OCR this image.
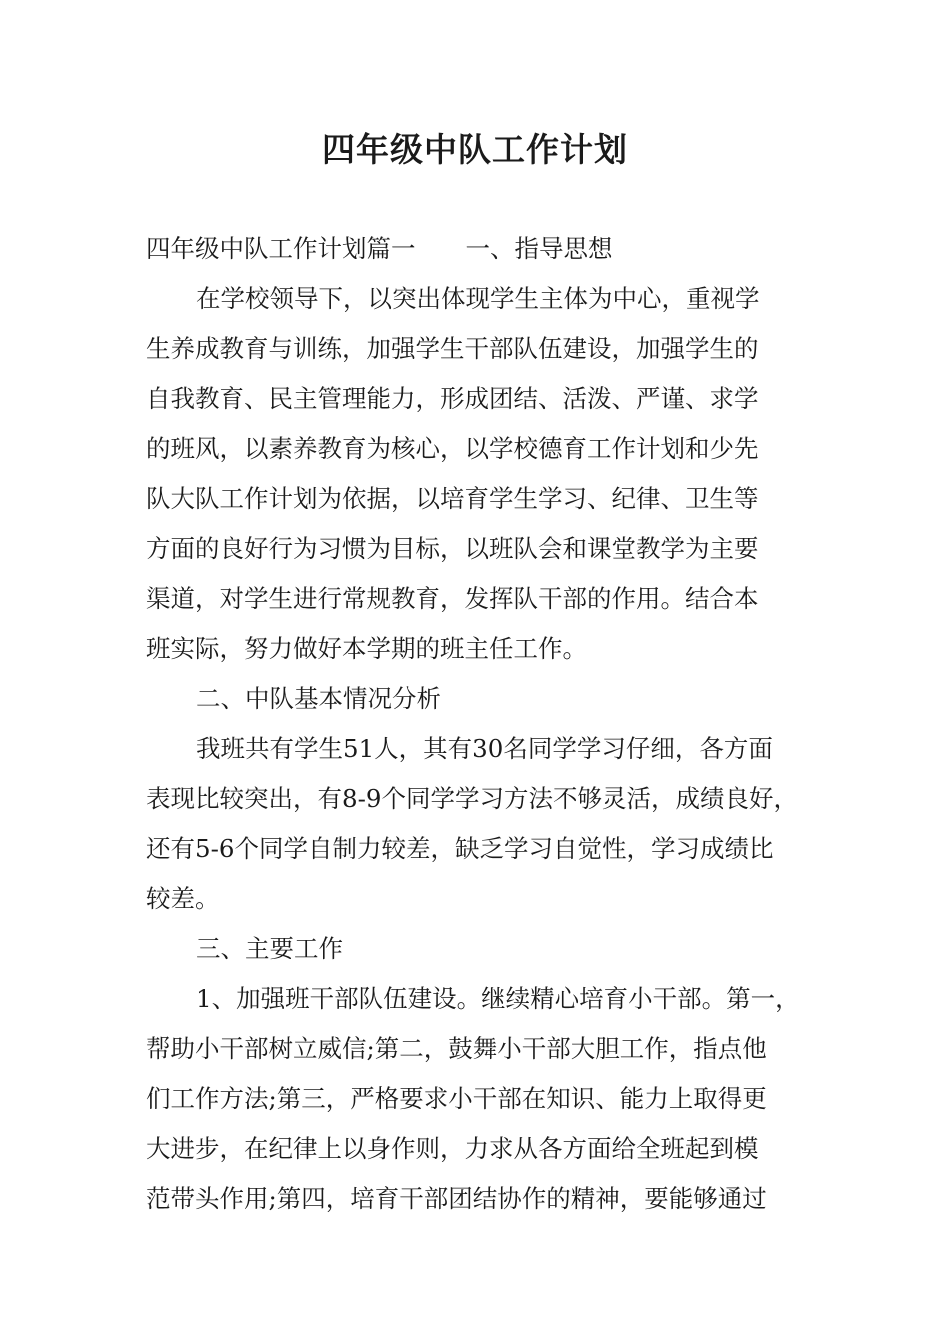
四年级中队工作计划
四年级中队工作计划篇一 一、指导思想
在学校领导下，以突出体现学生主体为中心，重视学
生养成教育与训练，加强学生干部队伍建设，加强学生的
自我教育、民主管理能力，形成团结、活泼、严谨、求学
的班风，以素养教育为核心，以学校德育工作计划和少先
队大队工作计划为依据，以培育学生学习、纪律、卫生等
方面的良好行为习惯为目标，以班队会和课堂教学为主要
渠道，对学生进行常规教育，发挥队干部的作用。结合本
班实际，努力做好本学期的班主任工作。
二、中队基本情况分析
我班共有学生51人，其有30名同学学习仔细，各方面
表现比较突出，有8-9个同学学习方法不够灵活，成绩良好，
还有5-6个同学自制力较差，缺乏学习自觉性，学习成绩比
较差。
三、主要工作
1、加强班干部队伍建设。继续精心培育小干部。第一，
帮助小干部树立威信;第二，鼓舞小干部大胆工作，指点他
们工作方法;第三，严格要求小干部在知识、能力上取得更
大进步，在纪律上以身作则，力求从各方面给全班起到模
范带头作用;第四，培育干部团结协作的精神，要能够通过
